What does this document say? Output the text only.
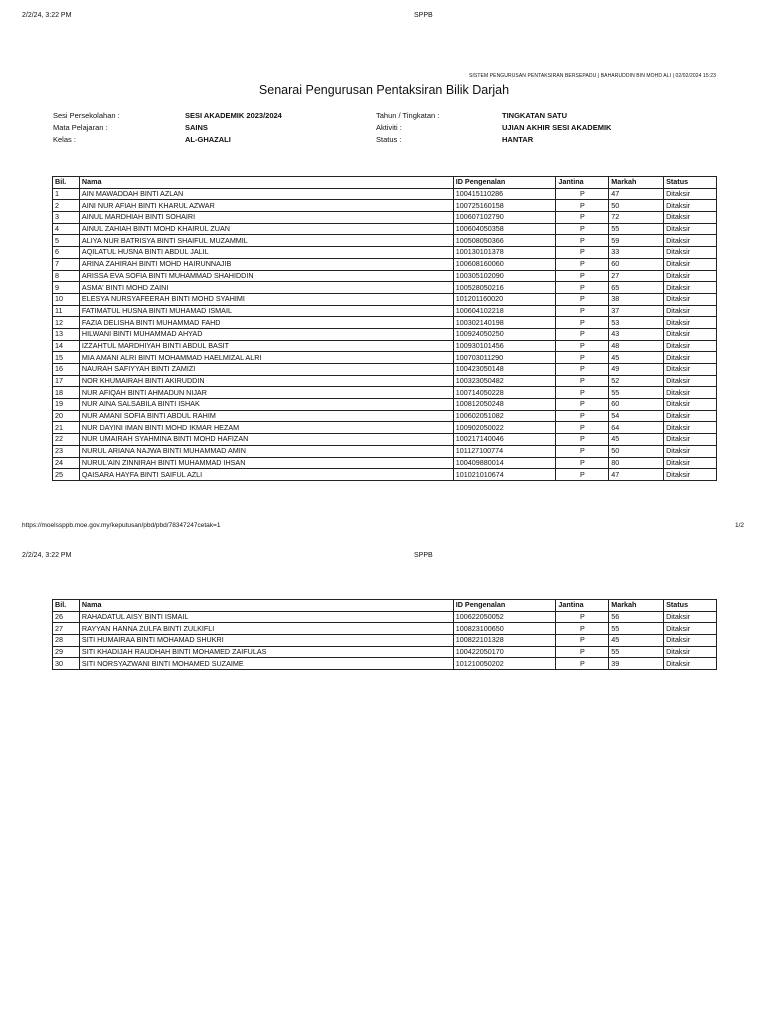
2/2/24, 3:22 PM	SPPB
SISTEM PENGURUSAN PENTAKSIRAN BERSEPADU | BAHARUDDIN BIN MOHD ALI | 02/02/2024 15:23
Senarai Pengurusan Pentaksiran Bilik Darjah
Sesi Persekolahan :	SESI AKADEMIK 2023/2024
Mata Pelajaran :	SAINS
Kelas :	AL-GHAZALI
Tahun / Tingkatan :	TINGKATAN SATU
Aktiviti :	UJIAN AKHIR SESI AKADEMIK
Status :	HANTAR
Bil.	Nama	ID Pengenalan	Jantina	Markah	Status
1	AIN MAWADDAH BINTI AZLAN	100415110286	P	47	Ditaksir
2	AINI NUR AFIAH BINTI KHARUL AZWAR	100725160158	P	50	Ditaksir
3	AINUL MARDHIAH BINTI SOHAIRI	100607102790	P	72	Ditaksir
4	AINUL ZAHIAH BINTI MOHD KHAIRUL ZUAN	100604050358	P	55	Ditaksir
5	ALIYA NUR BATRISYA BINTI SHAIFUL MUZAMMIL	100508050366	P	59	Ditaksir
6	AQILATUL HUSNA BINTI ABDUL JALIL	100130101378	P	33	Ditaksir
7	ARINA ZAHIRAH BINTI MOHD HAIRUNNAJIB	100608160060	P	60	Ditaksir
8	ARISSA EVA SOFIA BINTI MUHAMMAD SHAHIDDIN	100305102090	P	27	Ditaksir
9	ASMA' BINTI MOHD ZAINI	100528050216	P	65	Ditaksir
10	ELESYA NURSYAFEERAH BINTI MOHD SYAHIMI	101201160020	P	38	Ditaksir
11	FATIMATUL HUSNA BINTI MUHAMAD ISMAIL	100604102218	P	37	Ditaksir
12	FAZIA DELISHA BINTI MUHAMMAD FAHD	100302140198	P	53	Ditaksir
13	HILWANI BINTI MUHAMMAD AHYAD	100924050250	P	43	Ditaksir
14	IZZAHTUL MARDHIYAH BINTI ABDUL BASIT	100930101456	P	48	Ditaksir
15	MIA AMANI ALRI BINTI MOHAMMAD HAELMIZAL ALRI	100703011290	P	45	Ditaksir
16	NAURAH SAFIYYAH BINTI ZAMIZI	100423050148	P	49	Ditaksir
17	NOR KHUMAIRAH BINTI AKIRUDDIN	100323050482	P	52	Ditaksir
18	NUR AFIQAH BINTI AHMADUN NIJAR	100714050228	P	55	Ditaksir
19	NUR AINA SALSABILA BINTI ISHAK	100812050248	P	60	Ditaksir
20	NUR AMANI SOFIA BINTI ABDUL RAHIM	100602051082	P	54	Ditaksir
21	NUR DAYINI IMAN BINTI MOHD IKMAR HEZAM	100902050022	P	64	Ditaksir
22	NUR UMAIRAH SYAHMINA BINTI MOHD HAFIZAN	100217140046	P	45	Ditaksir
23	NURUL ARIANA NAJWA BINTI MUHAMMAD AMIN	101127100774	P	50	Ditaksir
24	NURUL'AIN ZINNIRAH BINTI MUHAMMAD IHSAN	100409880014	P	80	Ditaksir
25	QAISARA HAYFA BINTI SAIFUL AZLI	101021010674	P	47	Ditaksir
https://moelssppb.moe.gov.my/keputusan/pbd/pbd/78347247cetak=1	1/2
2/2/24, 3:22 PM	SPPB
Bil.	Nama	ID Pengenalan	Jantina	Markah	Status
26	RAHADATUL AISY BINTI ISMAIL	100622050052	P	56	Ditaksir
27	RAYYAN HANNA ZULFA BINTI ZULKIFLI	100823100650	P	55	Ditaksir
28	SITI HUMAIRAA BINTI MOHAMAD SHUKRI	100822101328	P	45	Ditaksir
29	SITI KHADIJAH RAUDHAH BINTI MOHAMED ZAIFULAS	100422050170	P	55	Ditaksir
30	SITI NORSYAZWANI BINTI MOHAMED SUZAIME	101210050202	P	39	Ditaksir
